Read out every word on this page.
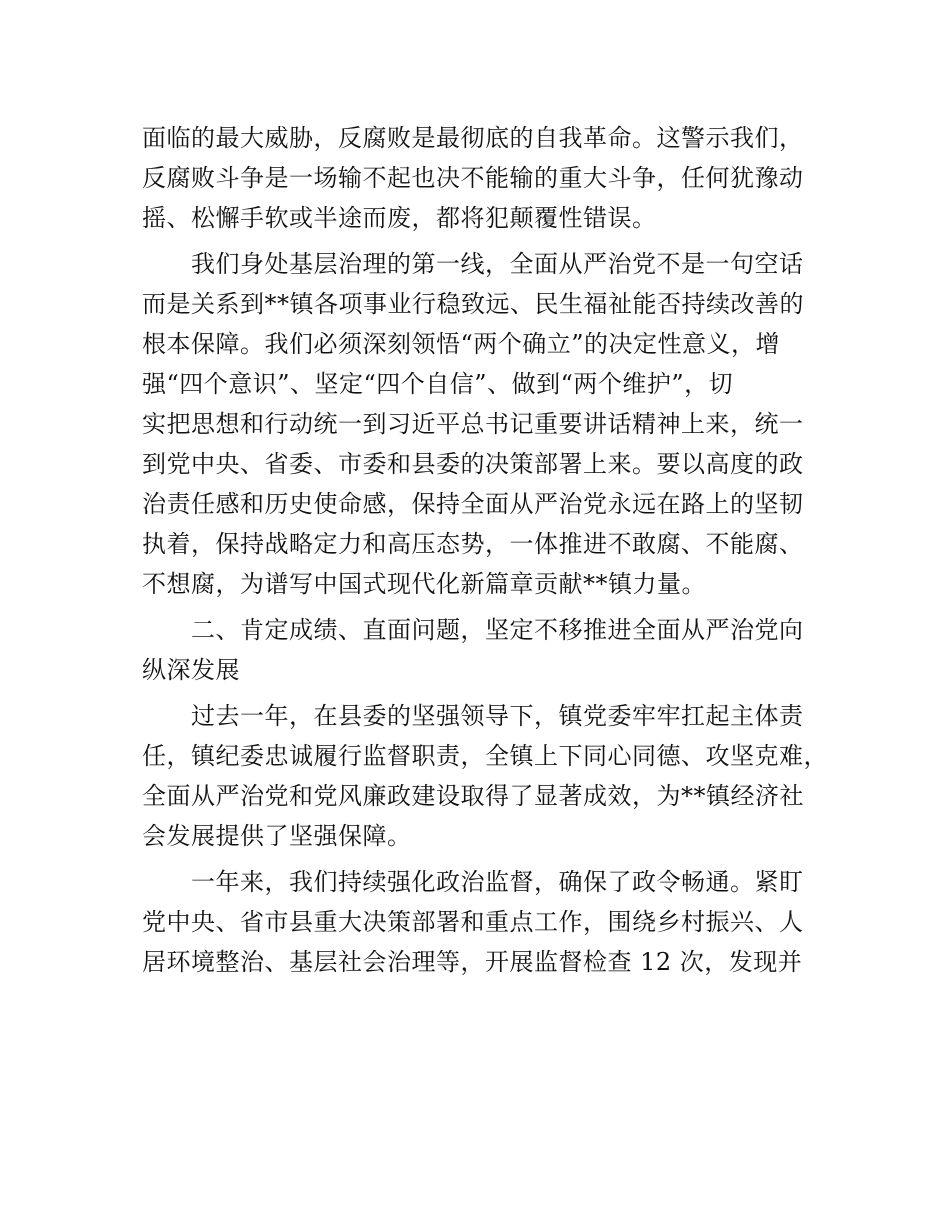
面临的最大威胁，反腐败是最彻底的自我革命。这警示我们，
反腐败斗争是一场输不起也决不能输的重大斗争，任何犹豫动
摇、松懈手软或半途而废，都将犯颠覆性错误。
　　我们身处基层治理的第一线，全面从严治党不是一句空话
而是关系到**镇各项事业行稳致远、民生福祉能否持续改善的
根本保障。我们必须深刻领悟“两个确立”的决定性意义，增
强“四个意识”、坚定“四个自信”、做到“两个维护”，切
实把思想和行动统一到习近平总书记重要讲话精神上来，统一
到党中央、省委、市委和县委的决策部署上来。要以高度的政
治责任感和历史使命感，保持全面从严治党永远在路上的坚韧
执着，保持战略定力和高压态势，一体推进不敢腐、不能腐、
不想腐，为谱写中国式现代化新篇章贡献**镇力量。
　　二、肯定成绩、直面问题，坚定不移推进全面从严治党向
纵深发展
　　过去一年，在县委的坚强领导下，镇党委牢牢扛起主体责
任，镇纪委忠诚履行监督职责，全镇上下同心同德、攻坚克难，
全面从严治党和党风廉政建设取得了显著成效，为**镇经济社
会发展提供了坚强保障。
　　一年来，我们持续强化政治监督，确保了政令畅通。紧盯
党中央、省市县重大决策部署和重点工作，围绕乡村振兴、人
居环境整治、基层社会治理等，开展监督检查 12 次，发现并
